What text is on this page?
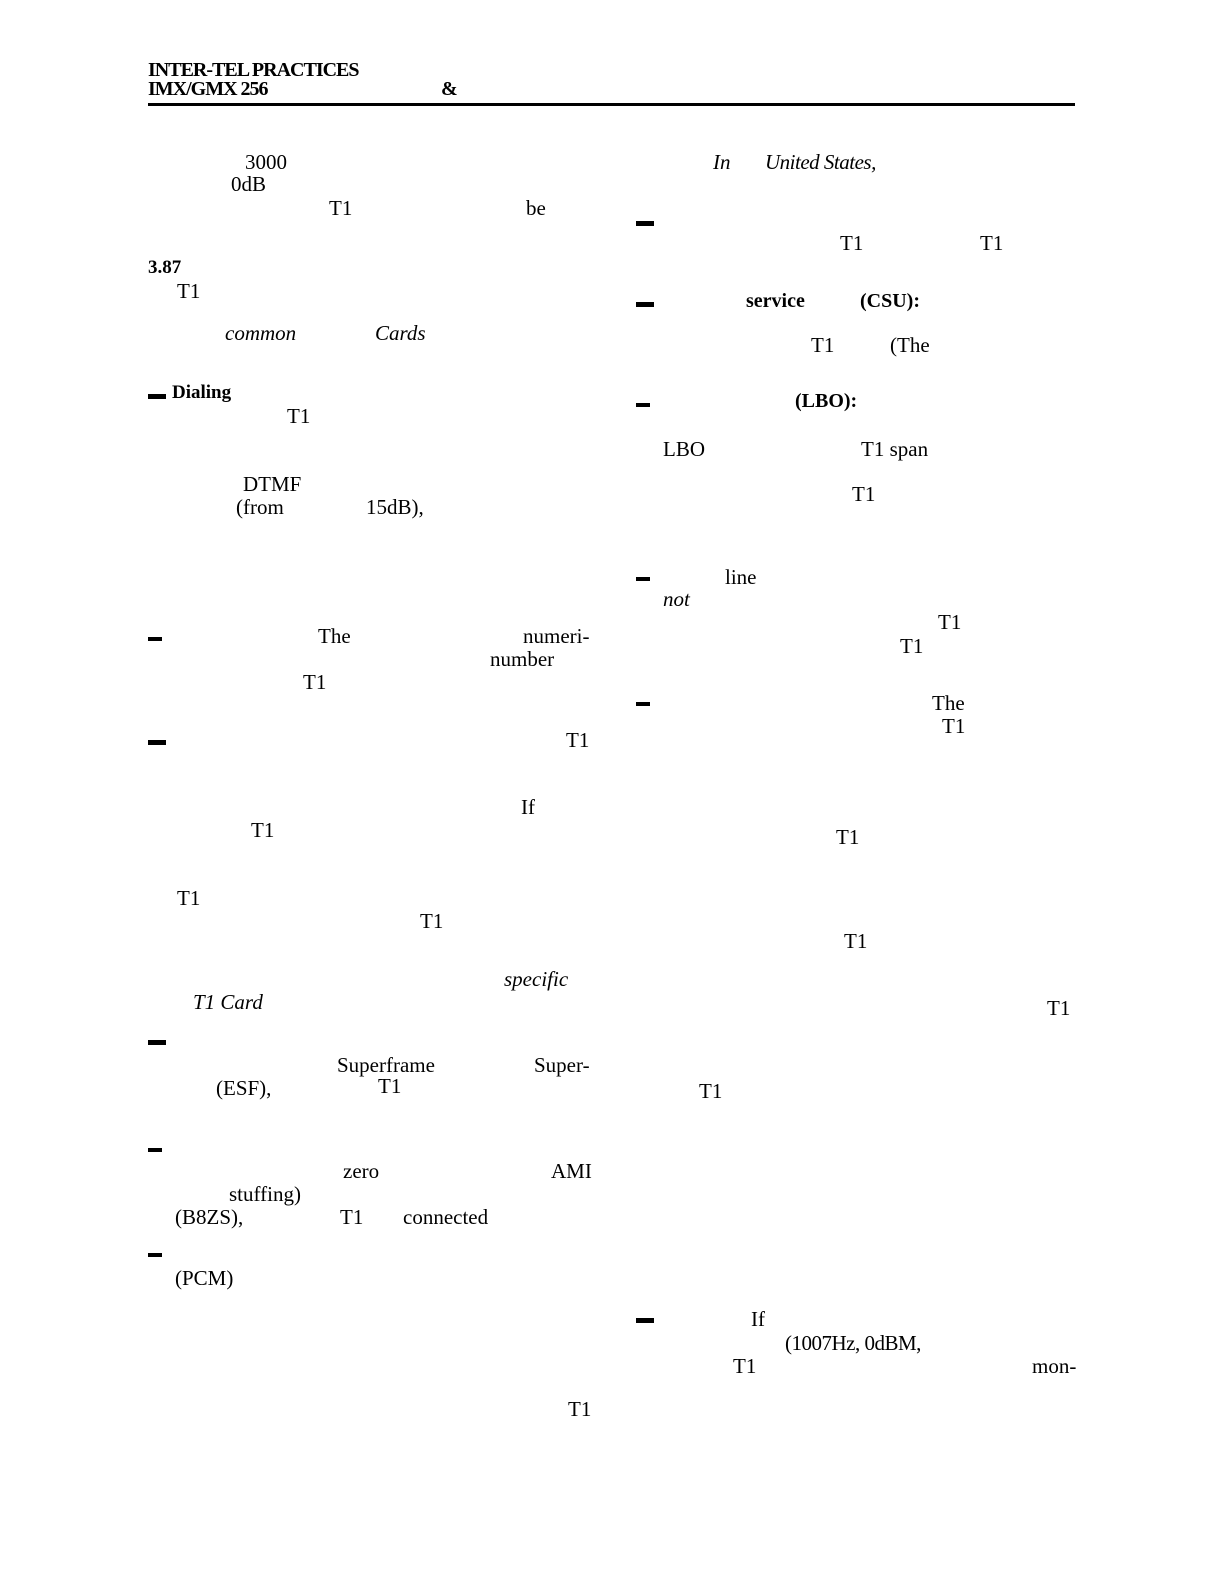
INTER-TEL PRACTICES
IMX/GMX 256	&
3000
0dB
T1	be
3.87
T1
common	Cards
Dialing
T1
DTMF
(from	15dB),
The	numeri-
number
T1
T1
If
T1
T1
T1
specific
T1 Card
Superframe	Super-
(ESF),	T1
zero	AMI
stuffing)
(B8ZS),	T1 connected
(PCM)
T1
In United States,
T1	T1
service	(CSU):
T1	(The
(LBO):
LBO	T1 span
T1
line
not
T1
T1
The
T1
T1
T1
T1
T1
If
(1007Hz, 0dBM,
T1	mon-
